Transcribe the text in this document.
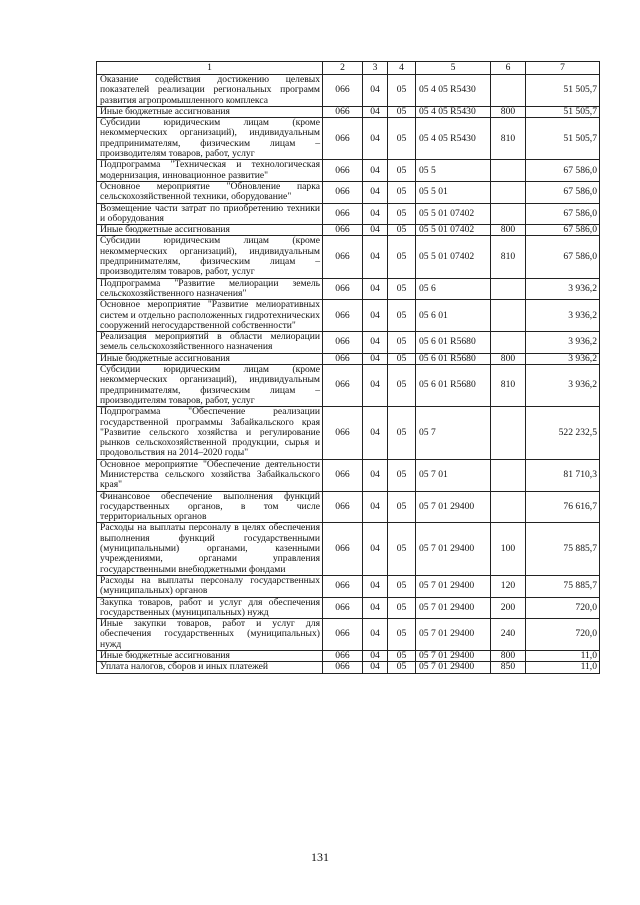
1	2	3	4	5	6	7
Оказание содействия достижению целевых показателей реализации региональных программ развития агропромышленного комплекса	066	04	05	05 4 05 R5430		51 505,7
Иные бюджетные ассигнования	066	04	05	05 4 05 R5430	800	51 505,7
Субсидии юридическим лицам (кроме некоммерческих организаций), индивидуальным предпринимателям, физическим лицам – производителям товаров, работ, услуг	066	04	05	05 4 05 R5430	810	51 505,7
Подпрограмма "Техническая и технологическая модернизация, инновационное развитие"	066	04	05	05 5		67 586,0
Основное мероприятие "Обновление парка сельскохозяйственной техники, оборудование"	066	04	05	05 5 01		67 586,0
Возмещение части затрат по приобретению техники и оборудования	066	04	05	05 5 01 07402		67 586,0
Иные бюджетные ассигнования	066	04	05	05 5 01 07402	800	67 586,0
Субсидии юридическим лицам (кроме некоммерческих организаций), индивидуальным предпринимателям, физическим лицам – производителям товаров, работ, услуг	066	04	05	05 5 01 07402	810	67 586,0
Подпрограмма "Развитие мелиорации земель сельскохозяйственного назначения"	066	04	05	05 6		3 936,2
Основное мероприятие "Развитие мелиоративных систем и отдельно расположенных гидротехнических сооружений негосударственной собственности"	066	04	05	05 6 01		3 936,2
Реализация мероприятий в области мелиорации земель сельскохозяйственного назначения	066	04	05	05 6 01 R5680		3 936,2
Иные бюджетные ассигнования	066	04	05	05 6 01 R5680	800	3 936,2
Субсидии юридическим лицам (кроме некоммерческих организаций), индивидуальным предпринимателям, физическим лицам – производителям товаров, работ, услуг	066	04	05	05 6 01 R5680	810	3 936,2
Подпрограмма "Обеспечение реализации государственной программы Забайкальского края "Развитие сельского хозяйства и регулирование рынков сельскохозяйственной продукции, сырья и продовольствия на 2014–2020 годы"	066	04	05	05 7		522 232,5
Основное мероприятие "Обеспечение деятельности Министерства сельского хозяйства Забайкальского края"	066	04	05	05 7 01		81 710,3
Финансовое обеспечение выполнения функций государственных органов, в том числе территориальных органов	066	04	05	05 7 01 29400		76 616,7
Расходы на выплаты персоналу в целях обеспечения выполнения функций государственными (муниципальными) органами, казенными учреждениями, органами управления государственными внебюджетными фондами	066	04	05	05 7 01 29400	100	75 885,7
Расходы на выплаты персоналу государственных (муниципальных) органов	066	04	05	05 7 01 29400	120	75 885,7
Закупка товаров, работ и услуг для обеспечения государственных (муниципальных) нужд	066	04	05	05 7 01 29400	200	720,0
Иные закупки товаров, работ и услуг для обеспечения государственных (муниципальных) нужд	066	04	05	05 7 01 29400	240	720,0
Иные бюджетные ассигнования	066	04	05	05 7 01 29400	800	11,0
Уплата налогов, сборов и иных платежей	066	04	05	05 7 01 29400	850	11,0
131
